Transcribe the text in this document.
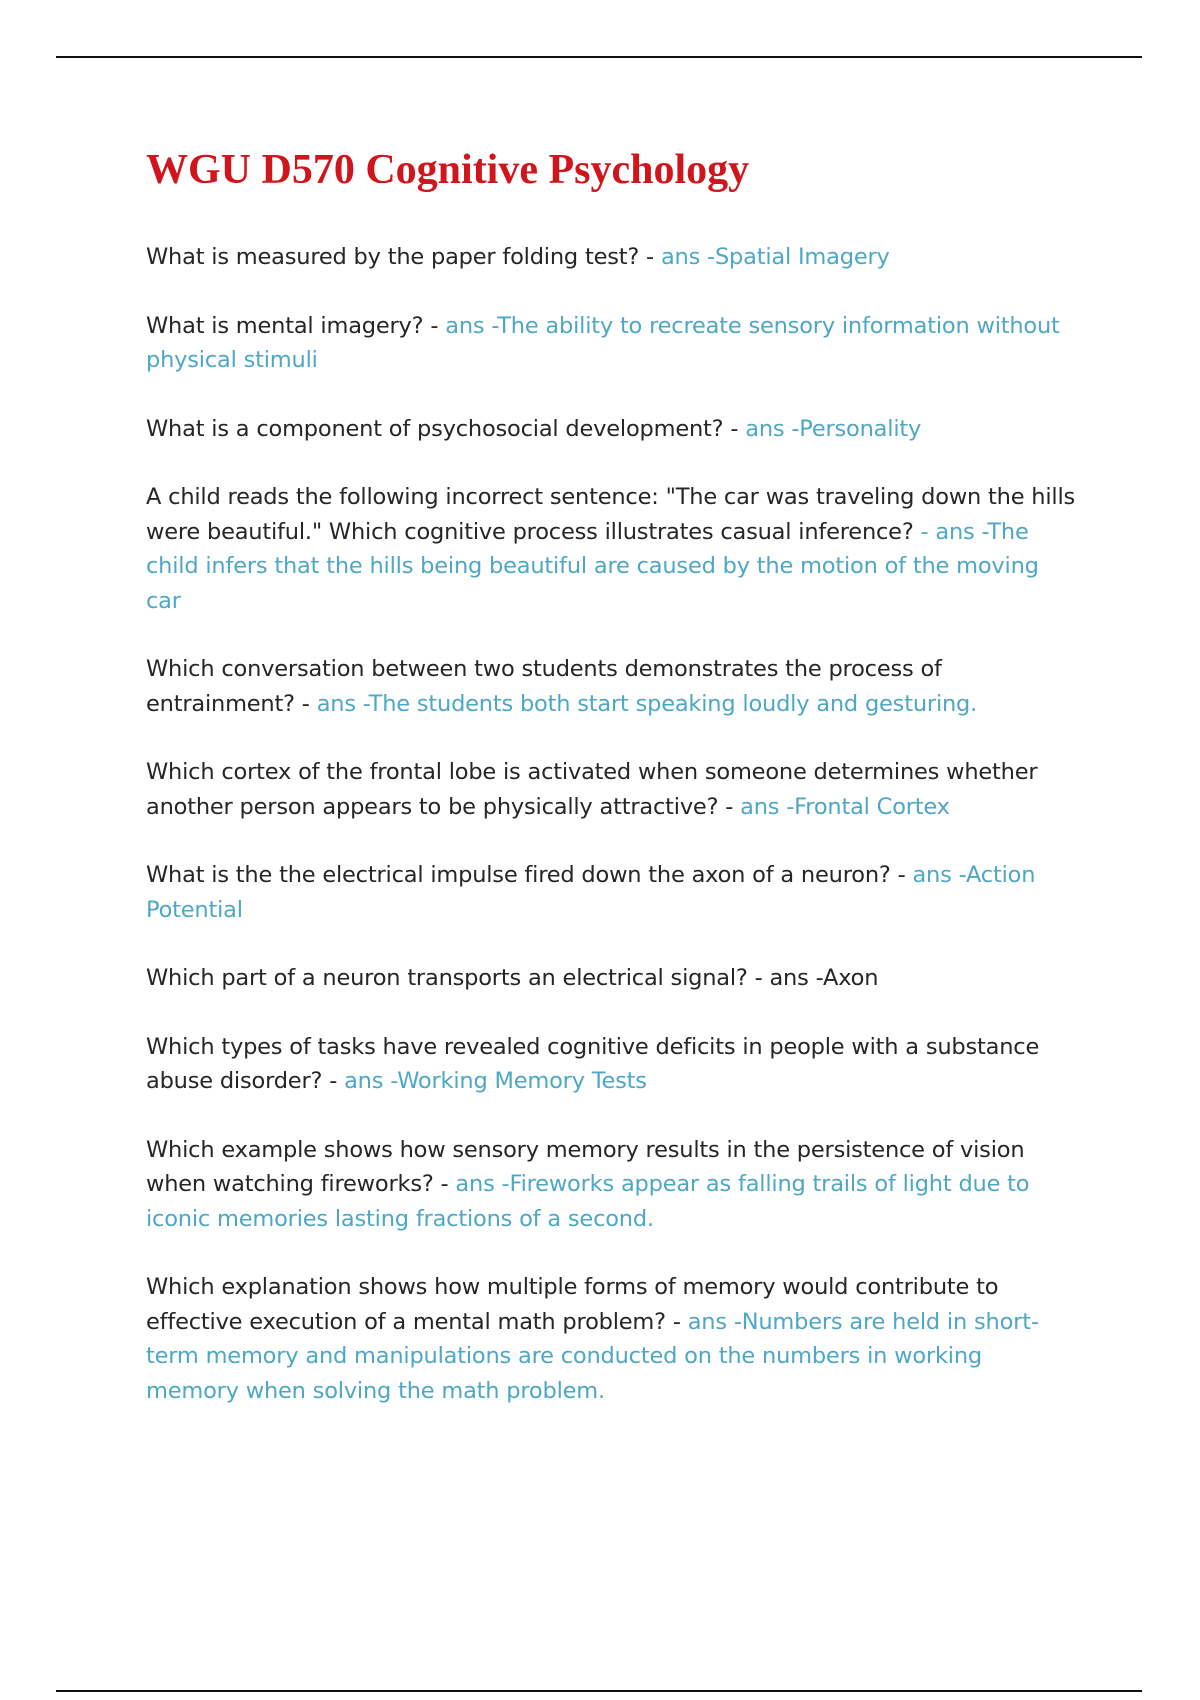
WGU D570 Cognitive Psychology

What is measured by the paper folding test? - ans -Spatial Imagery

What is mental imagery? - ans -The ability to recreate sensory information without physical stimuli

What is a component of psychosocial development? - ans -Personality

A child reads the following incorrect sentence: "The car was traveling down the hills were beautiful." Which cognitive process illustrates casual inference? - ans -The child infers that the hills being beautiful are caused by the motion of the moving car

Which conversation between two students demonstrates the process of entrainment? - ans -The students both start speaking loudly and gesturing.

Which cortex of the frontal lobe is activated when someone determines whether another person appears to be physically attractive? - ans -Frontal Cortex

What is the the electrical impulse fired down the axon of a neuron? - ans -Action Potential

Which part of a neuron transports an electrical signal? - ans -Axon

Which types of tasks have revealed cognitive deficits in people with a substance abuse disorder? - ans -Working Memory Tests

Which example shows how sensory memory results in the persistence of vision when watching fireworks? - ans -Fireworks appear as falling trails of light due to iconic memories lasting fractions of a second.

Which explanation shows how multiple forms of memory would contribute to effective execution of a mental math problem? - ans -Numbers are held in short-term memory and manipulations are conducted on the numbers in working memory when solving the math problem.
